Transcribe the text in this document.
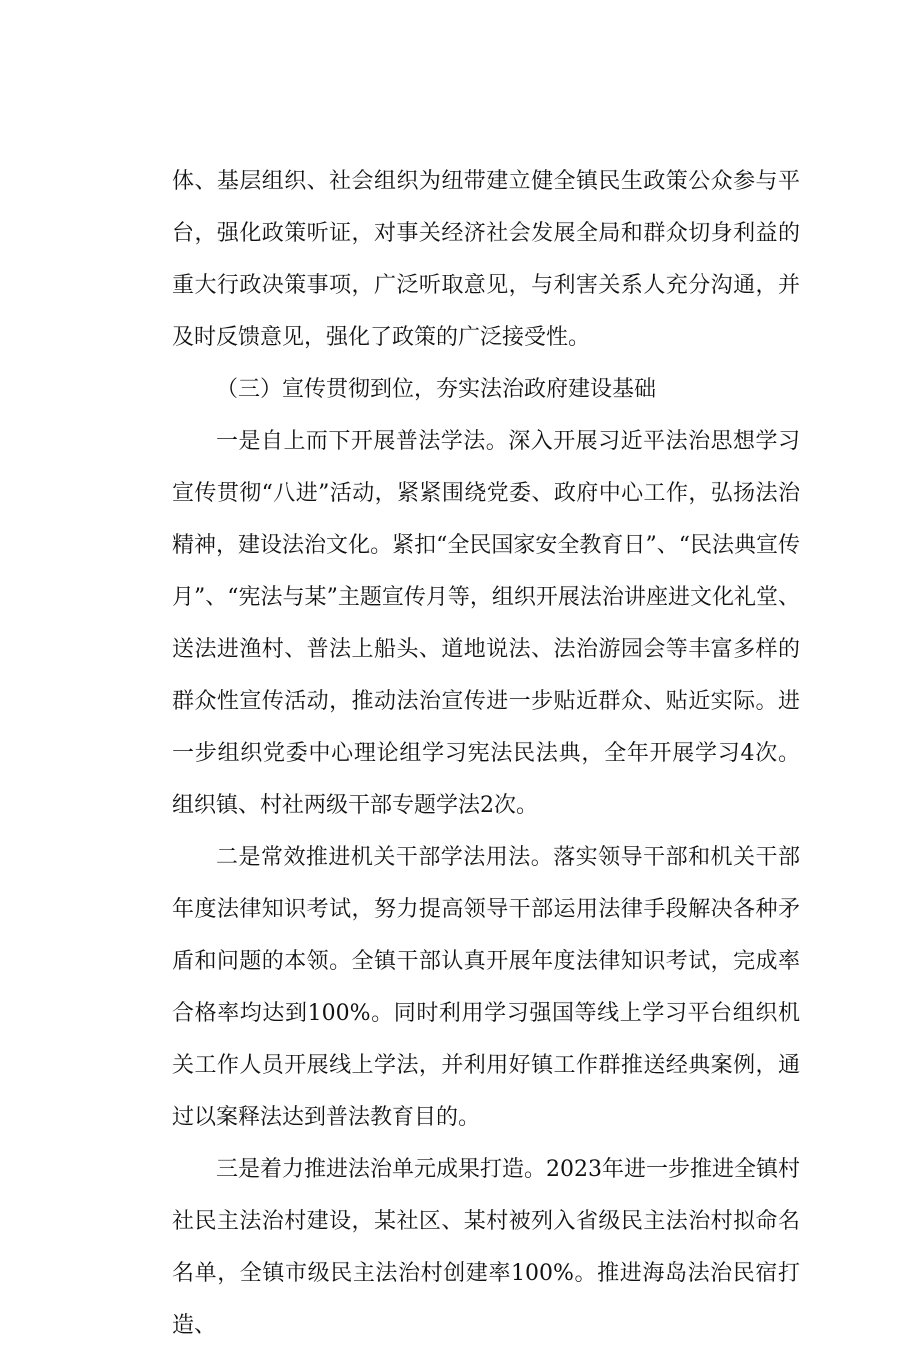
体、基层组织、社会组织为纽带建立健全镇民生政策公众参与平台，强化政策听证，对事关经济社会发展全局和群众切身利益的重大行政决策事项，广泛听取意见，与利害关系人充分沟通，并及时反馈意见，强化了政策的广泛接受性。

（三）宣传贯彻到位，夯实法治政府建设基础

一是自上而下开展普法学法。深入开展习近平法治思想学习宣传贯彻“八进”活动，紧紧围绕党委、政府中心工作，弘扬法治精神，建设法治文化。紧扣“全民国家安全教育日”、“民法典宣传月”、“宪法与某”主题宣传月等，组织开展法治讲座进文化礼堂、送法进渔村、普法上船头、道地说法、法治游园会等丰富多样的群众性宣传活动，推动法治宣传进一步贴近群众、贴近实际。进一步组织党委中心理论组学习宪法民法典，全年开展学习4次。组织镇、村社两级干部专题学法2次。

二是常效推进机关干部学法用法。落实领导干部和机关干部年度法律知识考试，努力提高领导干部运用法律手段解决各种矛盾和问题的本领。全镇干部认真开展年度法律知识考试，完成率合格率均达到100%。同时利用学习强国等线上学习平台组织机关工作人员开展线上学法，并利用好镇工作群推送经典案例，通过以案释法达到普法教育目的。

三是着力推进法治单元成果打造。2023年进一步推进全镇村社民主法治村建设，某社区、某村被列入省级民主法治村拟命名名单，全镇市级民主法治村创建率100%。推进海岛法治民宿打造、
